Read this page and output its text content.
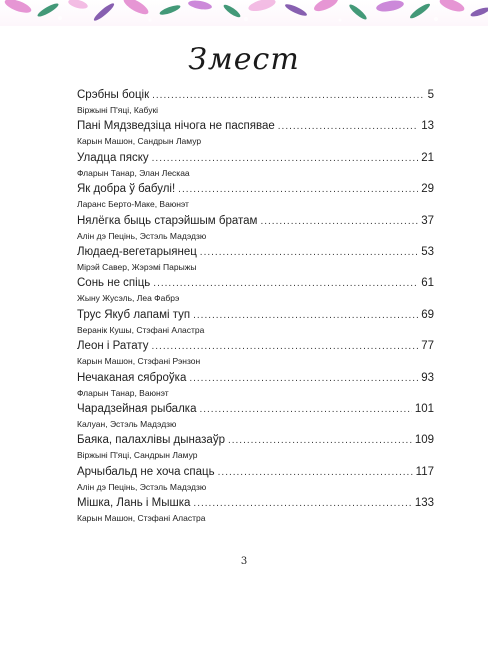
Змест
Срэбны боцік .....	5
Віржыні П'яці, Кабукі
Пані Мядзведзіца нічога не паспявае .....	13
Карын Машон, Сандрын Ламур
Уладца пяску .....	21
Фларын Танар, Элан Лескаа
Як добра ў бабулі! .....	29
Ларанс Берто-Маке, Ваюнэт
Нялёгка быць старэйшым братам .....	37
Алін дэ Пецінь, Эстэль Мадэдзю
Людаед-вегетарыянец .....	53
Мірэй Савер, Жэрэмі Парыжы
Сонь не спіць .....	61
Жыну Жусэль, Леа Фабрэ
Трус Якуб лапамі туп .....	69
Веранік Кушы, Стэфані Аластра
Леон і Ратату .....	77
Карын Машон, Стэфані Рэнзон
Нечаканая сяброўка .....	93
Фларын Танар, Ваюнэт
Чарадзейная рыбалка .....	101
Калуан, Эстэль Мадэдзю
Баяка, палахлівы дыназаўр .....	109
Віржыні П'яці, Сандрын Ламур
Арчыбальд не хоча спаць .....	117
Алін дэ Пецінь, Эстэль Мадэдзю
Мішка, Лань і Мышка .....	133
Карын Машон, Стэфані Аластра
3
